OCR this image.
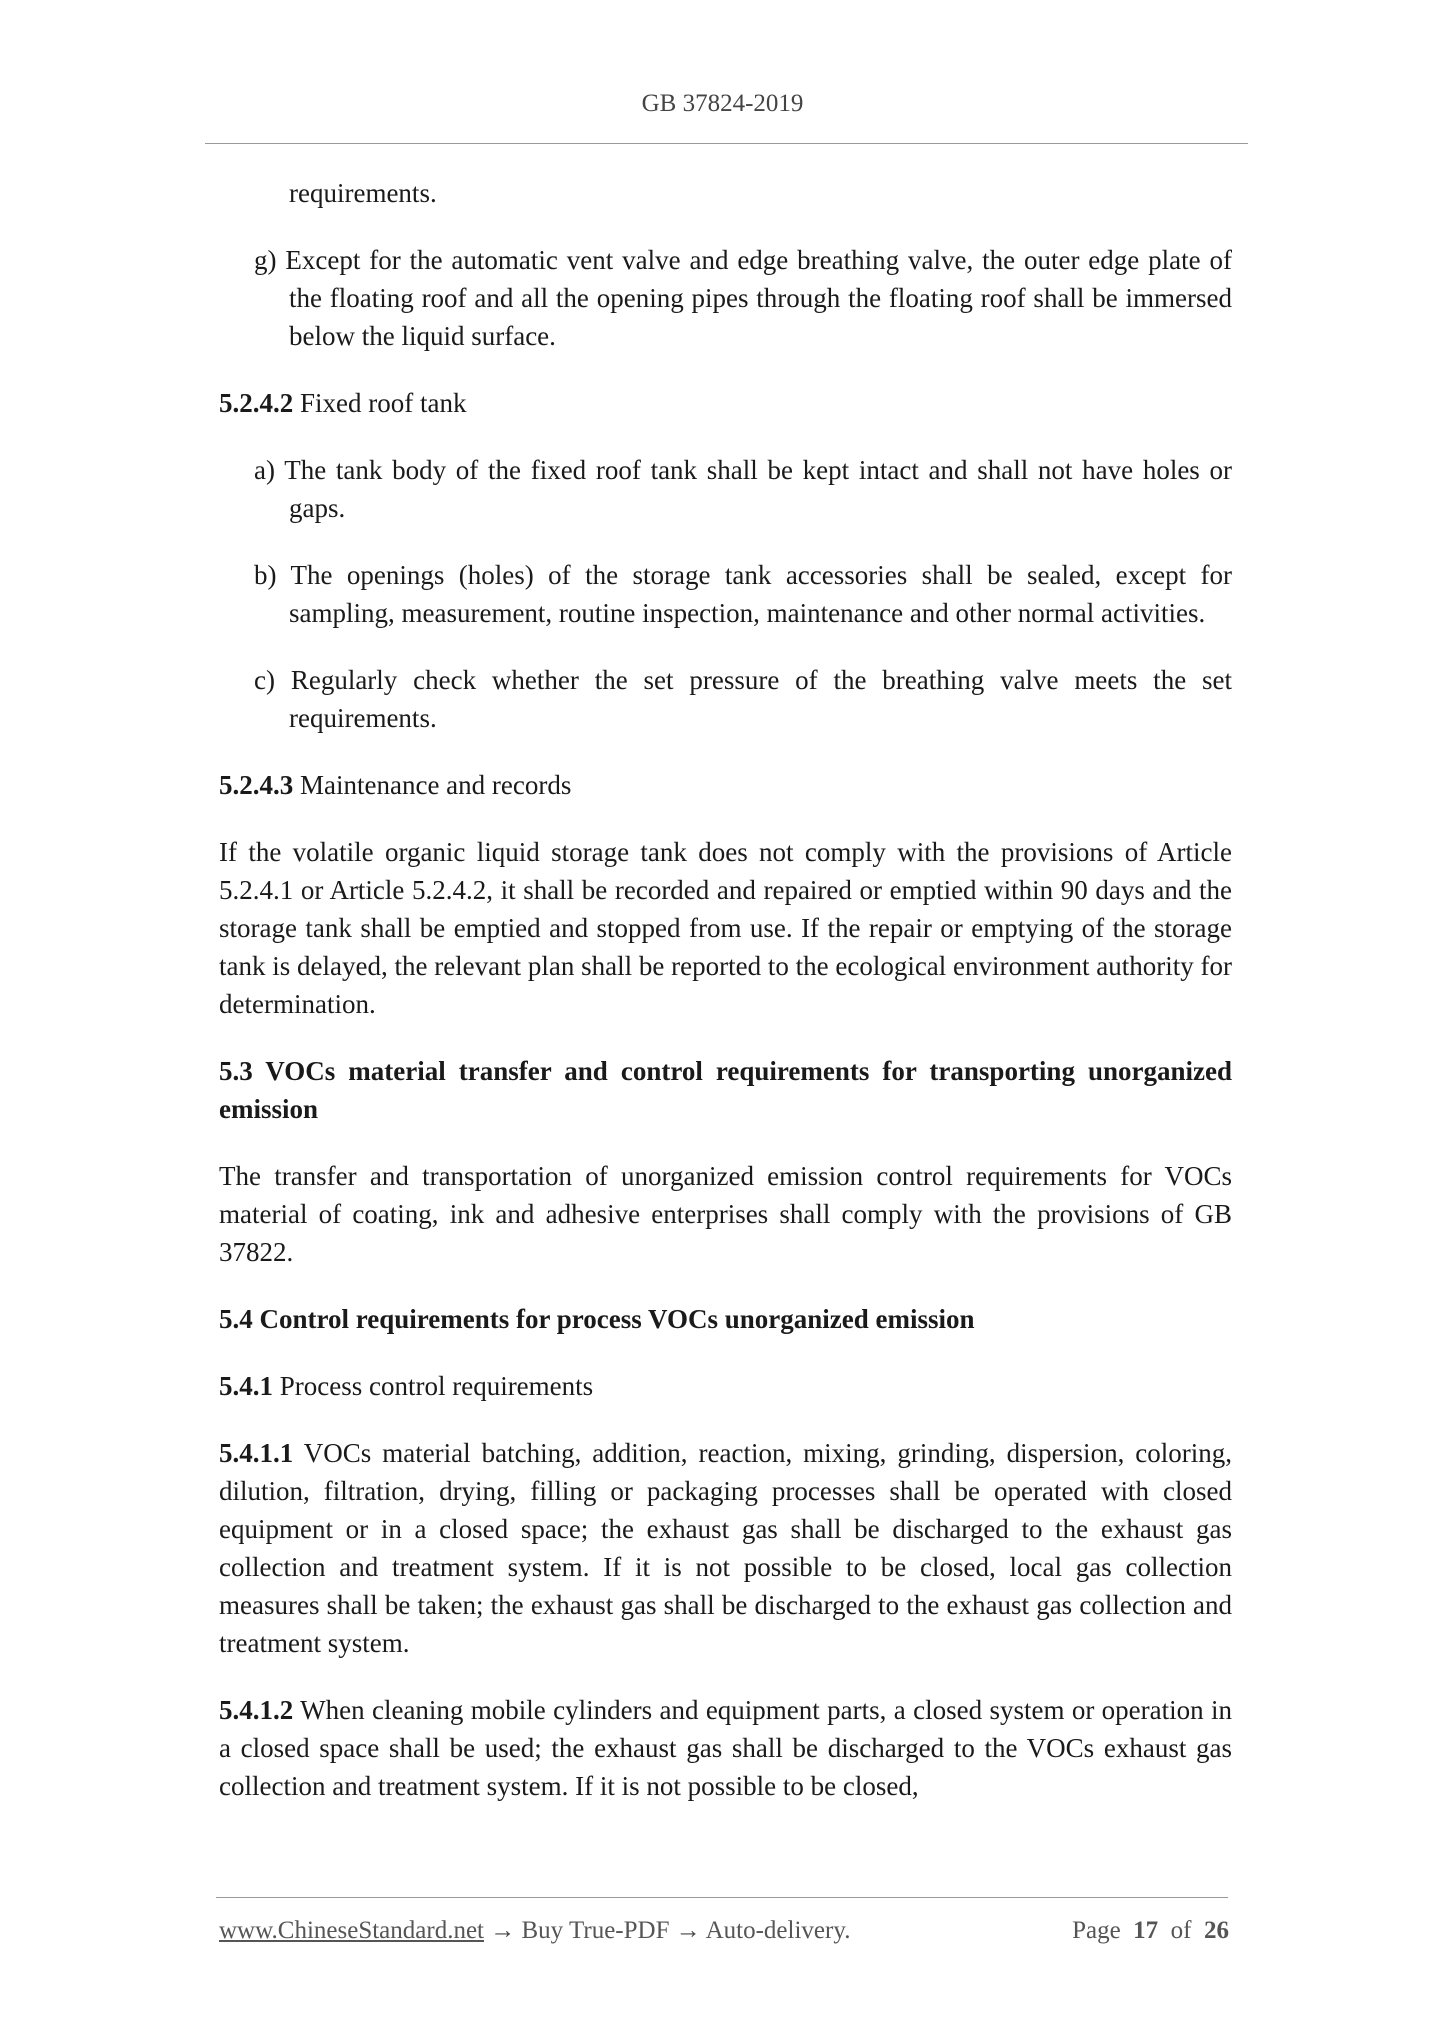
GB 37824-2019

requirements.

g) Except for the automatic vent valve and edge breathing valve, the outer edge plate of the floating roof and all the opening pipes through the floating roof shall be immersed below the liquid surface.

5.2.4.2 Fixed roof tank

a) The tank body of the fixed roof tank shall be kept intact and shall not have holes or gaps.

b) The openings (holes) of the storage tank accessories shall be sealed, except for sampling, measurement, routine inspection, maintenance and other normal activities.

c) Regularly check whether the set pressure of the breathing valve meets the set requirements.

5.2.4.3 Maintenance and records

If the volatile organic liquid storage tank does not comply with the provisions of Article 5.2.4.1 or Article 5.2.4.2, it shall be recorded and repaired or emptied within 90 days and the storage tank shall be emptied and stopped from use. If the repair or emptying of the storage tank is delayed, the relevant plan shall be reported to the ecological environment authority for determination.

5.3 VOCs material transfer and control requirements for transporting unorganized emission

The transfer and transportation of unorganized emission control requirements for VOCs material of coating, ink and adhesive enterprises shall comply with the provisions of GB 37822.

5.4 Control requirements for process VOCs unorganized emission

5.4.1 Process control requirements

5.4.1.1 VOCs material batching, addition, reaction, mixing, grinding, dispersion, coloring, dilution, filtration, drying, filling or packaging processes shall be operated with closed equipment or in a closed space; the exhaust gas shall be discharged to the exhaust gas collection and treatment system. If it is not possible to be closed, local gas collection measures shall be taken; the exhaust gas shall be discharged to the exhaust gas collection and treatment system.

5.4.1.2 When cleaning mobile cylinders and equipment parts, a closed system or operation in a closed space shall be used; the exhaust gas shall be discharged to the VOCs exhaust gas collection and treatment system. If it is not possible to be closed,

www.ChineseStandard.net → Buy True-PDF → Auto-delivery.	Page 17 of 26
